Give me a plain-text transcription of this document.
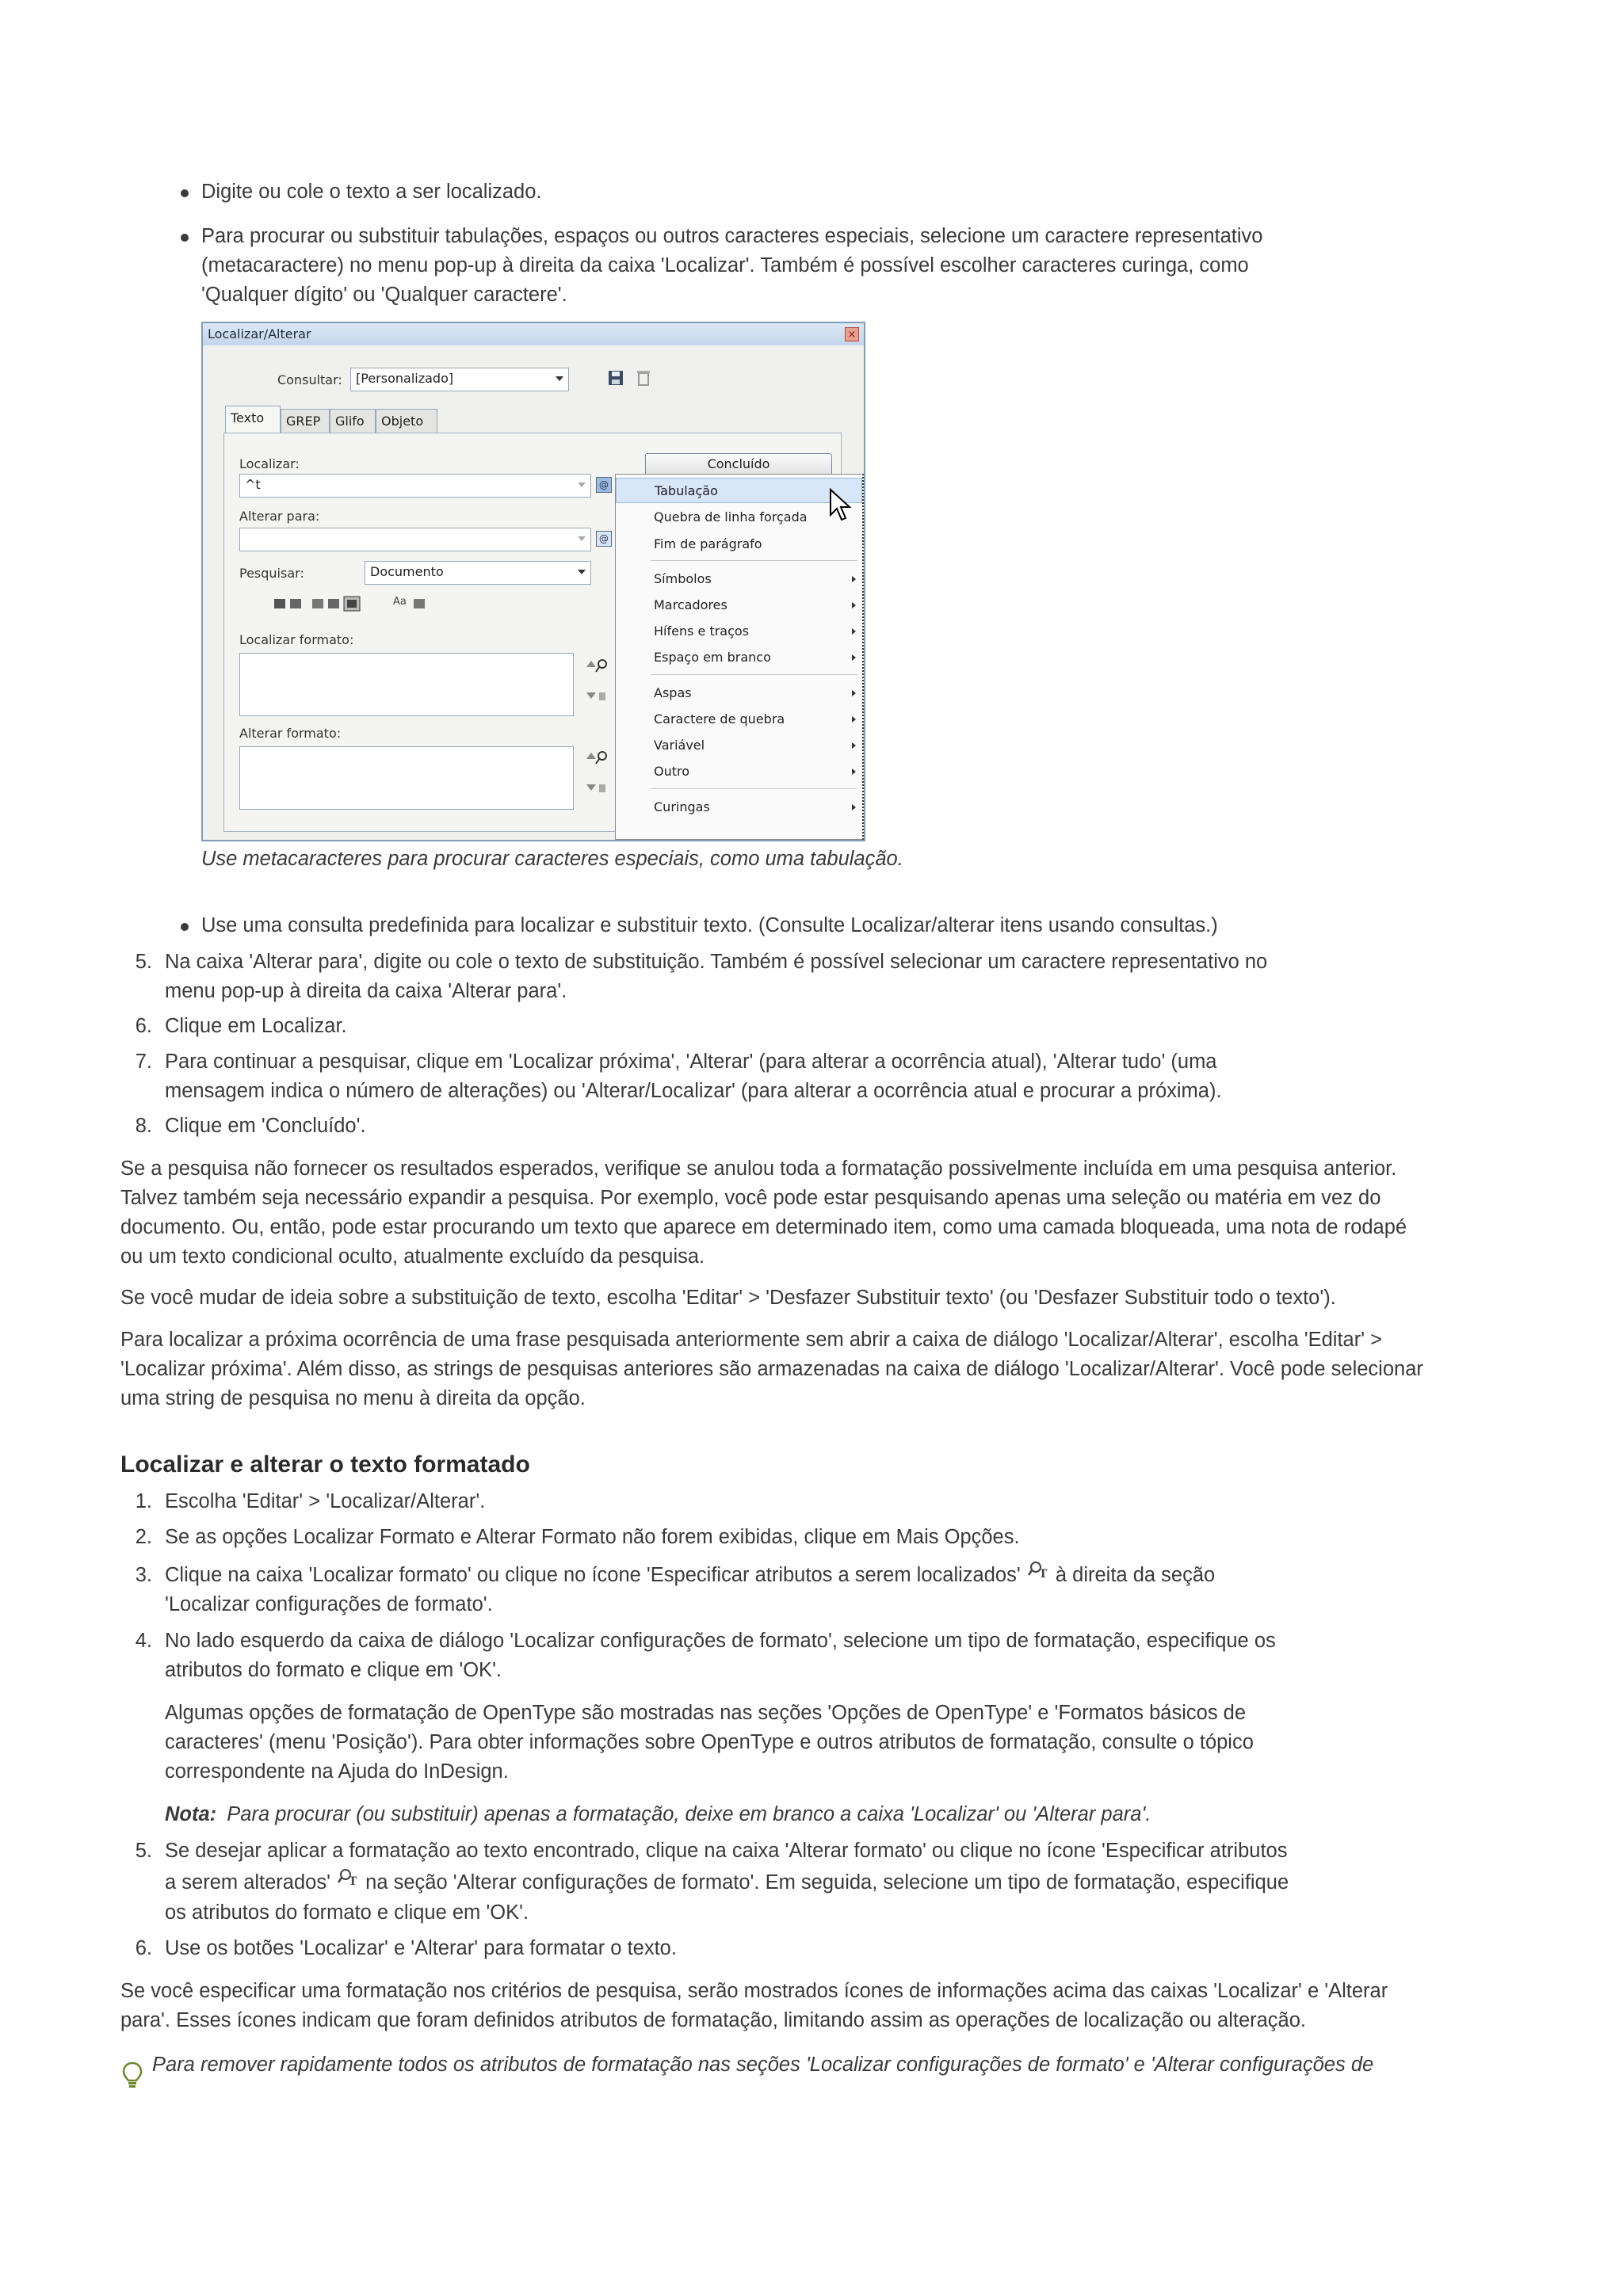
Digite ou cole o texto a ser localizado.
Para procurar ou substituir tabulações, espaços ou outros caracteres especiais, selecione um caractere representativo
(metacaractere) no menu pop-up à direita da caixa 'Localizar'. Também é possível escolher caracteres curinga, como
'Qualquer dígito' ou 'Qualquer caractere'.
Localizar/Alterar	×
Consultar:	[Personalizado]
Texto	GREP	Glifo	Objeto
Localizar:
^t	@
Concluído
Alterar para:
@
Pesquisar:	Documento
Aa
Localizar formato:
Alterar formato:
Tabulação
Quebra de linha forçada
Fim de parágrafo
Símbolos
Marcadores
Hífens e traços
Espaço em branco
Aspas
Caractere de quebra
Variável
Outro
Curingas
Use metacaracteres para procurar caracteres especiais, como uma tabulação.
Use uma consulta predefinida para localizar e substituir texto. (Consulte Localizar/alterar itens usando consultas.)
5. Na caixa 'Alterar para', digite ou cole o texto de substituição. Também é possível selecionar um caractere representativo no
menu pop-up à direita da caixa 'Alterar para'.
6. Clique em Localizar.
7. Para continuar a pesquisar, clique em 'Localizar próxima', 'Alterar' (para alterar a ocorrência atual), 'Alterar tudo' (uma
mensagem indica o número de alterações) ou 'Alterar/Localizar' (para alterar a ocorrência atual e procurar a próxima).
8. Clique em 'Concluído'.
Se a pesquisa não fornecer os resultados esperados, verifique se anulou toda a formatação possivelmente incluída em uma pesquisa anterior.
Talvez também seja necessário expandir a pesquisa. Por exemplo, você pode estar pesquisando apenas uma seleção ou matéria em vez do
documento. Ou, então, pode estar procurando um texto que aparece em determinado item, como uma camada bloqueada, uma nota de rodapé
ou um texto condicional oculto, atualmente excluído da pesquisa.
Se você mudar de ideia sobre a substituição de texto, escolha 'Editar' > 'Desfazer Substituir texto' (ou 'Desfazer Substituir todo o texto').
Para localizar a próxima ocorrência de uma frase pesquisada anteriormente sem abrir a caixa de diálogo 'Localizar/Alterar', escolha 'Editar' >
'Localizar próxima'. Além disso, as strings de pesquisas anteriores são armazenadas na caixa de diálogo 'Localizar/Alterar'. Você pode selecionar
uma string de pesquisa no menu à direita da opção.
Localizar e alterar o texto formatado
1. Escolha 'Editar' > 'Localizar/Alterar'.
2. Se as opções Localizar Formato e Alterar Formato não forem exibidas, clique em Mais Opções.
3. Clique na caixa 'Localizar formato' ou clique no ícone 'Especificar atributos a serem localizados' T à direita da seção
'Localizar configurações de formato'.
4. No lado esquerdo da caixa de diálogo 'Localizar configurações de formato', selecione um tipo de formatação, especifique os
atributos do formato e clique em 'OK'.
Algumas opções de formatação de OpenType são mostradas nas seções 'Opções de OpenType' e 'Formatos básicos de
caracteres' (menu 'Posição'). Para obter informações sobre OpenType e outros atributos de formatação, consulte o tópico
correspondente na Ajuda do InDesign.
Nota: Para procurar (ou substituir) apenas a formatação, deixe em branco a caixa 'Localizar' ou 'Alterar para'.
5. Se desejar aplicar a formatação ao texto encontrado, clique na caixa 'Alterar formato' ou clique no ícone 'Especificar atributos
a serem alterados' T na seção 'Alterar configurações de formato'. Em seguida, selecione um tipo de formatação, especifique
os atributos do formato e clique em 'OK'.
6. Use os botões 'Localizar' e 'Alterar' para formatar o texto.
Se você especificar uma formatação nos critérios de pesquisa, serão mostrados ícones de informações acima das caixas 'Localizar' e 'Alterar
para'. Esses ícones indicam que foram definidos atributos de formatação, limitando assim as operações de localização ou alteração.
Para remover rapidamente todos os atributos de formatação nas seções 'Localizar configurações de formato' e 'Alterar configurações de
